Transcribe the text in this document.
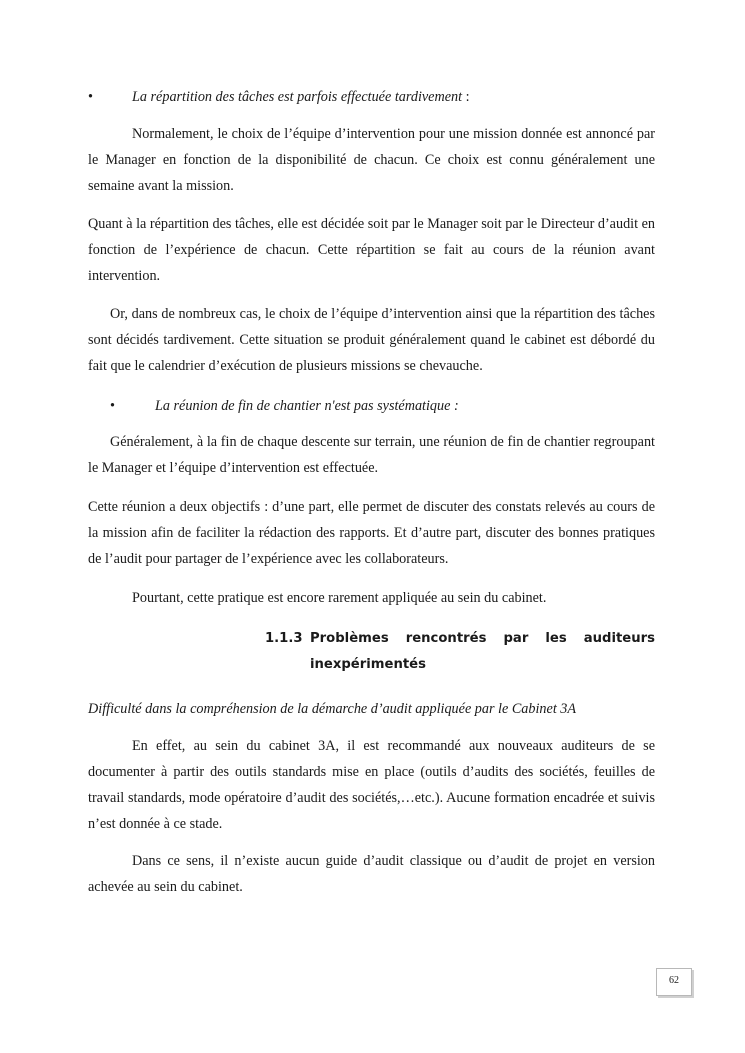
•	La répartition des tâches est parfois effectuée tardivement :

Normalement, le choix de l’équipe d’intervention pour une mission donnée est annoncé par le Manager en fonction de la disponibilité de chacun. Ce choix est connu généralement une semaine avant la mission.

Quant à la répartition des tâches, elle est décidée soit par le Manager soit par le Directeur d’audit en fonction de l’expérience de chacun. Cette répartition se fait au cours de la réunion avant intervention.

Or, dans de nombreux cas, le choix de l’équipe d’intervention ainsi que la répartition des tâches sont décidés tardivement. Cette situation se produit généralement quand le cabinet est débordé du fait que le calendrier d’exécution de plusieurs missions se chevauche.

•	La réunion de fin de chantier n'est pas systématique :

Généralement, à la fin de chaque descente sur terrain, une réunion de fin de chantier regroupant le Manager et l’équipe d’intervention est effectuée.

Cette réunion a deux objectifs : d’une part, elle permet de discuter des constats relevés au cours de la mission afin de faciliter la rédaction des rapports. Et d’autre part, discuter des bonnes pratiques de l’audit pour partager de l’expérience avec les collaborateurs.

Pourtant, cette pratique est encore rarement appliquée au sein du cabinet.

1.1.3 Problèmes rencontrés par les auditeurs inexpérimentés

Difficulté dans la compréhension de la démarche d’audit appliquée par le Cabinet 3A

En effet, au sein du cabinet 3A, il est recommandé aux nouveaux auditeurs de se documenter à partir des outils standards mise en place (outils d’audits des sociétés, feuilles de travail standards, mode opératoire d’audit des sociétés,…etc.). Aucune formation encadrée et suivis n’est donnée à ce stade.

Dans ce sens, il n’existe aucun guide d’audit classique ou d’audit de projet en version achevée au sein du cabinet.

62
